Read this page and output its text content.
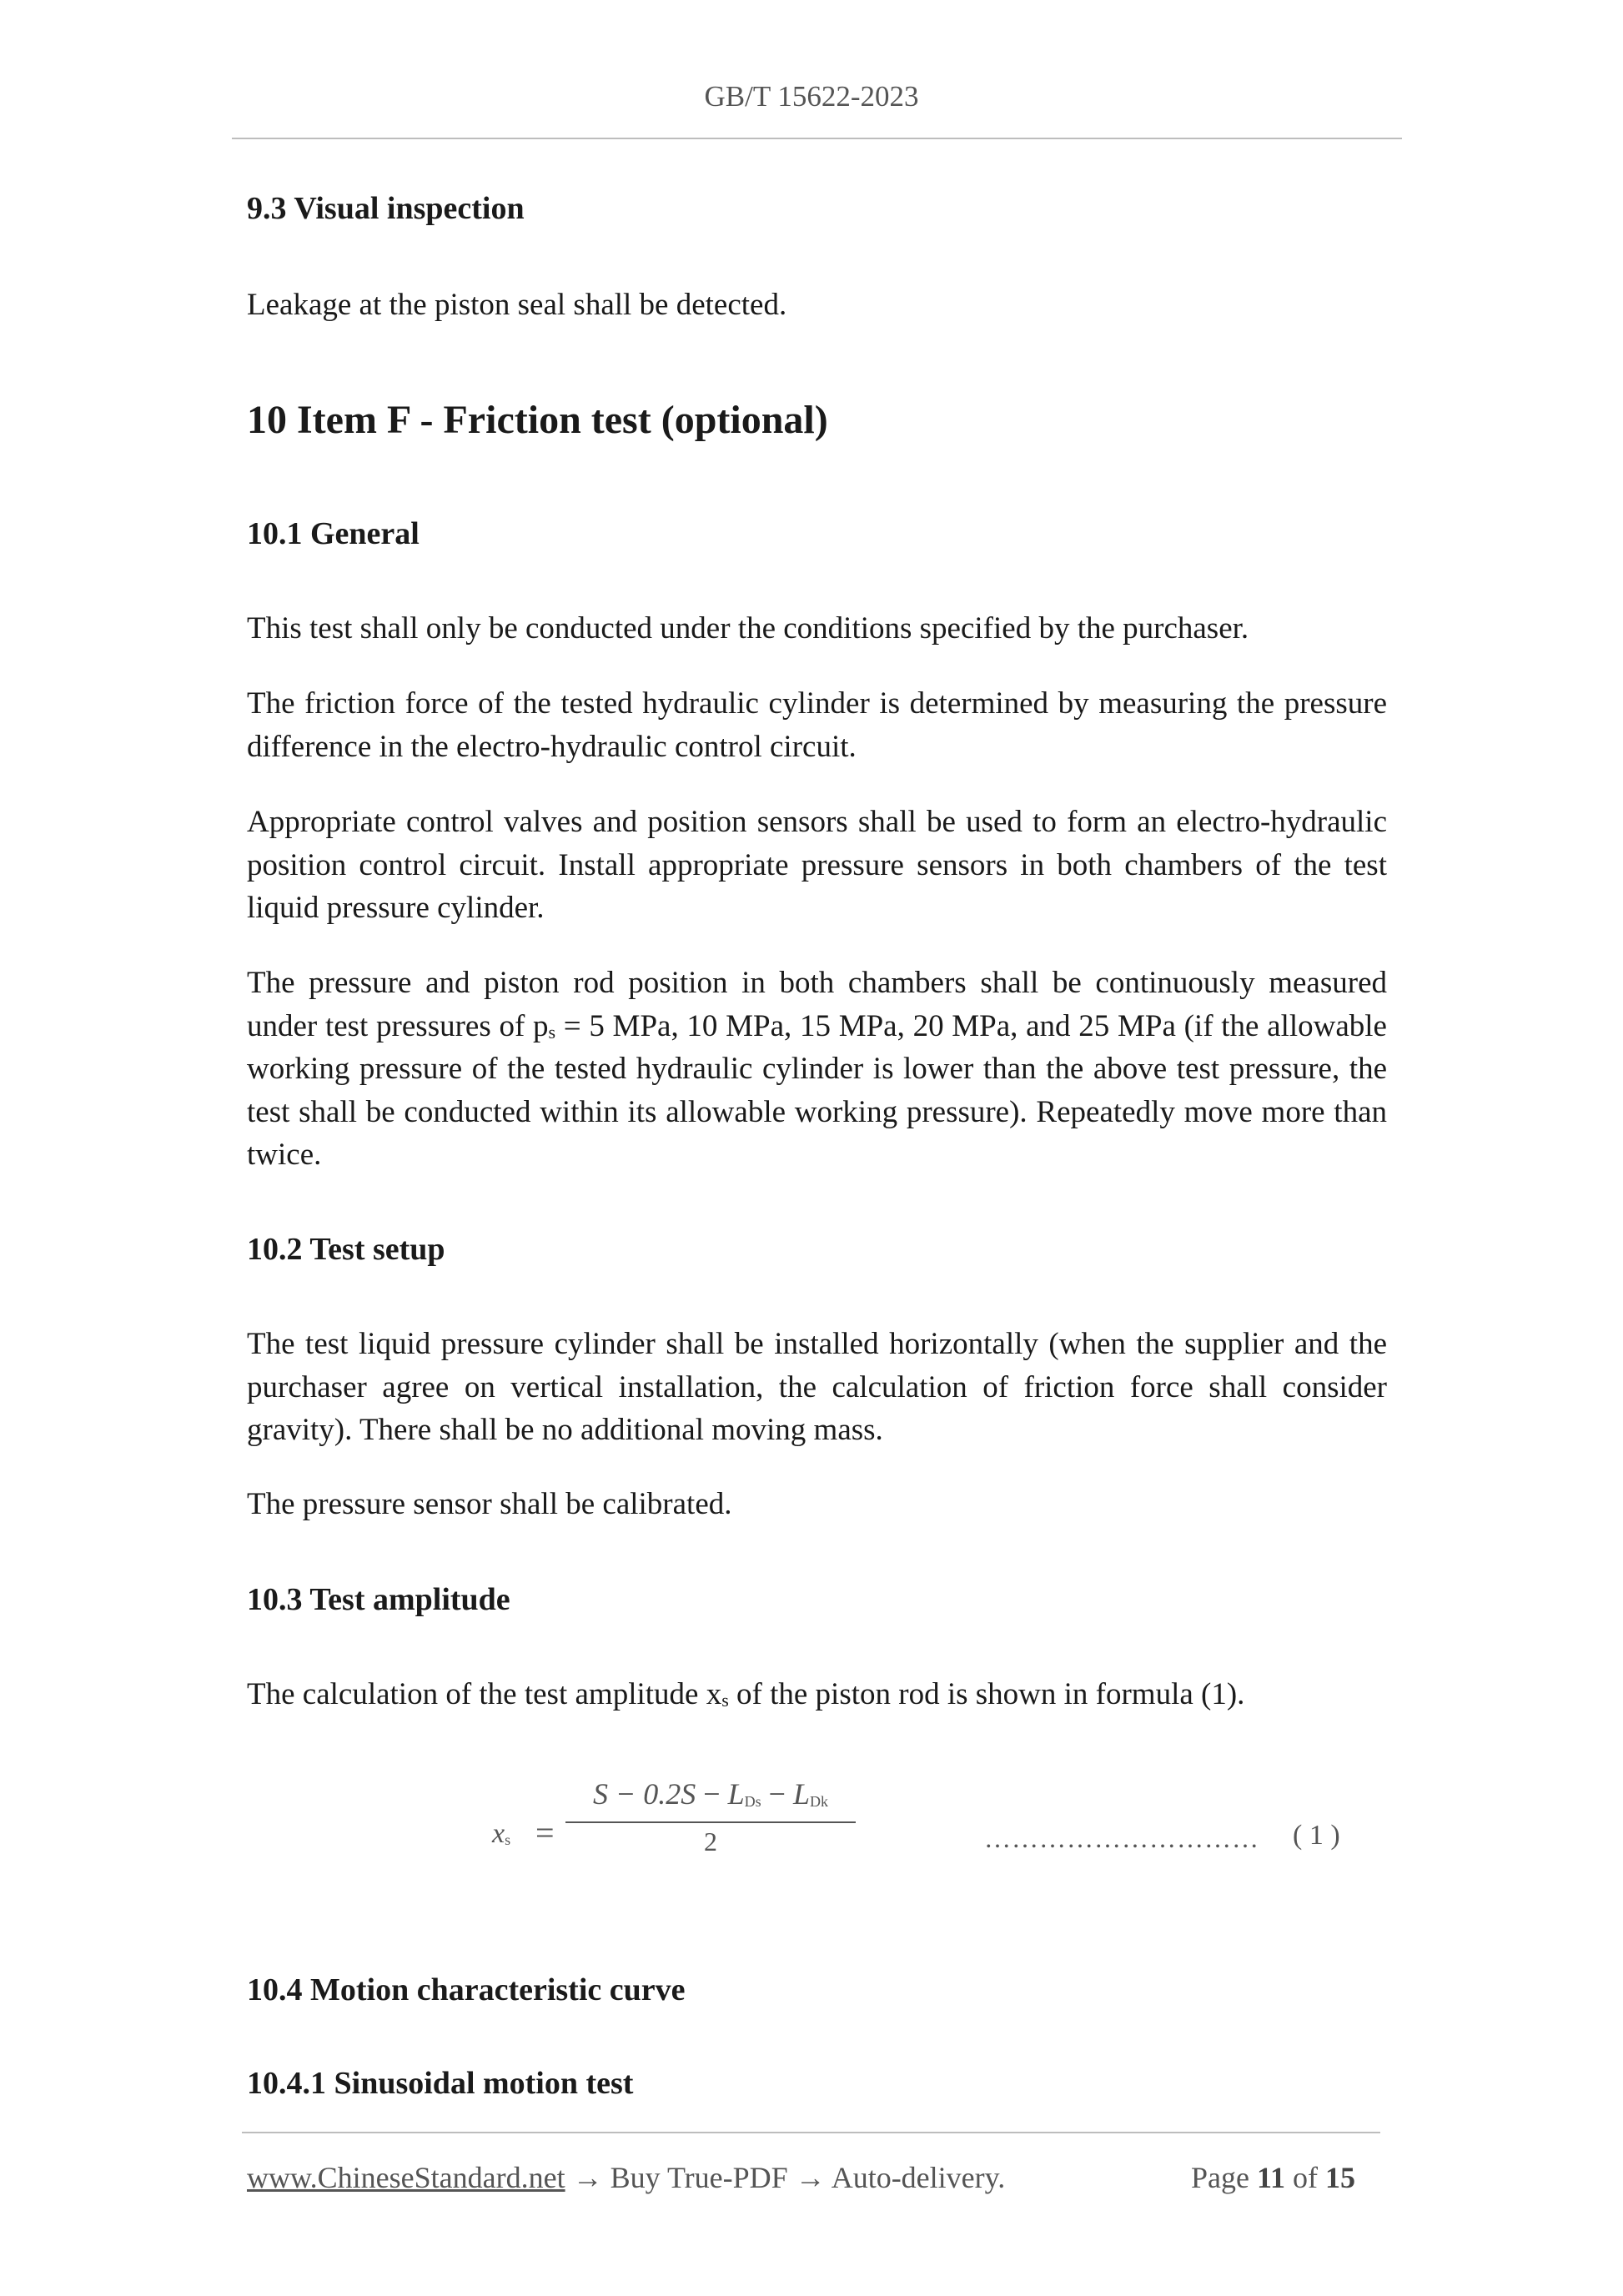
GB/T 15622-2023
9.3 Visual inspection

Leakage at the piston seal shall be detected.

10 Item F - Friction test (optional)
10.1 General

This test shall only be conducted under the conditions specified by the purchaser.

The friction force of the tested hydraulic cylinder is determined by measuring the pressure difference in the electro-hydraulic control circuit.

Appropriate control valves and position sensors shall be used to form an electro-hydraulic position control circuit. Install appropriate pressure sensors in both chambers of the test liquid pressure cylinder.

The pressure and piston rod position in both chambers shall be continuously measured under test pressures of $p_s = 5$ MPa, 10 MPa, 15 MPa, 20 MPa, and 25 MPa (if the allowable working pressure of the tested hydraulic cylinder is lower than the above test pressure, the test shall be conducted within its allowable working pressure). Repeatedly move more than twice.

10.2 Test setup

The test liquid pressure cylinder shall be installed horizontally (when the supplier and the purchaser agree on vertical installation, the calculation of friction force shall consider gravity). There shall be no additional moving mass.

The pressure sensor shall be calibrated.

10.3 Test amplitude

The calculation of the test amplitude $x_s$ of the piston rod is shown in formula (1).

10.4 Motion characteristic curve
10.4.1 Sinusoidal motion test
$x_s$ =
$S - 0.2S - L_{Ds} - L_{Dk}$
2	………………………… ( 1 )
www.ChineseStandard.net → Buy True-PDF → Auto-delivery.	Page 11 of 15
